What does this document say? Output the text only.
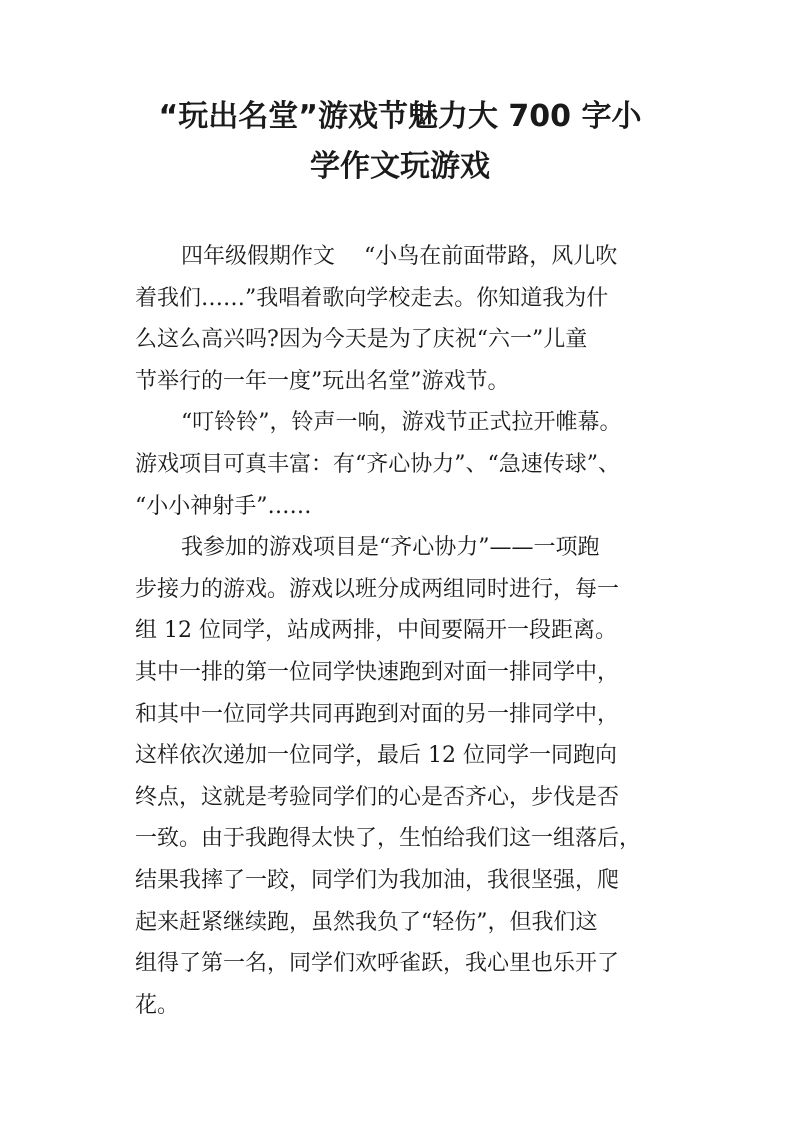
“玩出名堂”游戏节魅力大 700 字小
学作文玩游戏
四年级假期作文　 “小鸟在前面带路，风儿吹
着我们……”我唱着歌向学校走去。你知道我为什
么这么高兴吗?因为今天是为了庆祝“六一”儿童
节举行的一年一度”玩出名堂”游戏节。
“叮铃铃”，铃声一响，游戏节正式拉开帷幕。
游戏项目可真丰富：有“齐心协力”、“急速传球”、
“小小神射手”……
我参加的游戏项目是“齐心协力”——一项跑
步接力的游戏。游戏以班分成两组同时进行，每一
组 12 位同学，站成两排，中间要隔开一段距离。
其中一排的第一位同学快速跑到对面一排同学中，
和其中一位同学共同再跑到对面的另一排同学中，
这样依次递加一位同学，最后 12 位同学一同跑向
终点，这就是考验同学们的心是否齐心，步伐是否
一致。由于我跑得太快了，生怕给我们这一组落后，
结果我摔了一跤，同学们为我加油，我很坚强，爬
起来赶紧继续跑，虽然我负了“轻伤”，但我们这
组得了第一名，同学们欢呼雀跃，我心里也乐开了
花。
